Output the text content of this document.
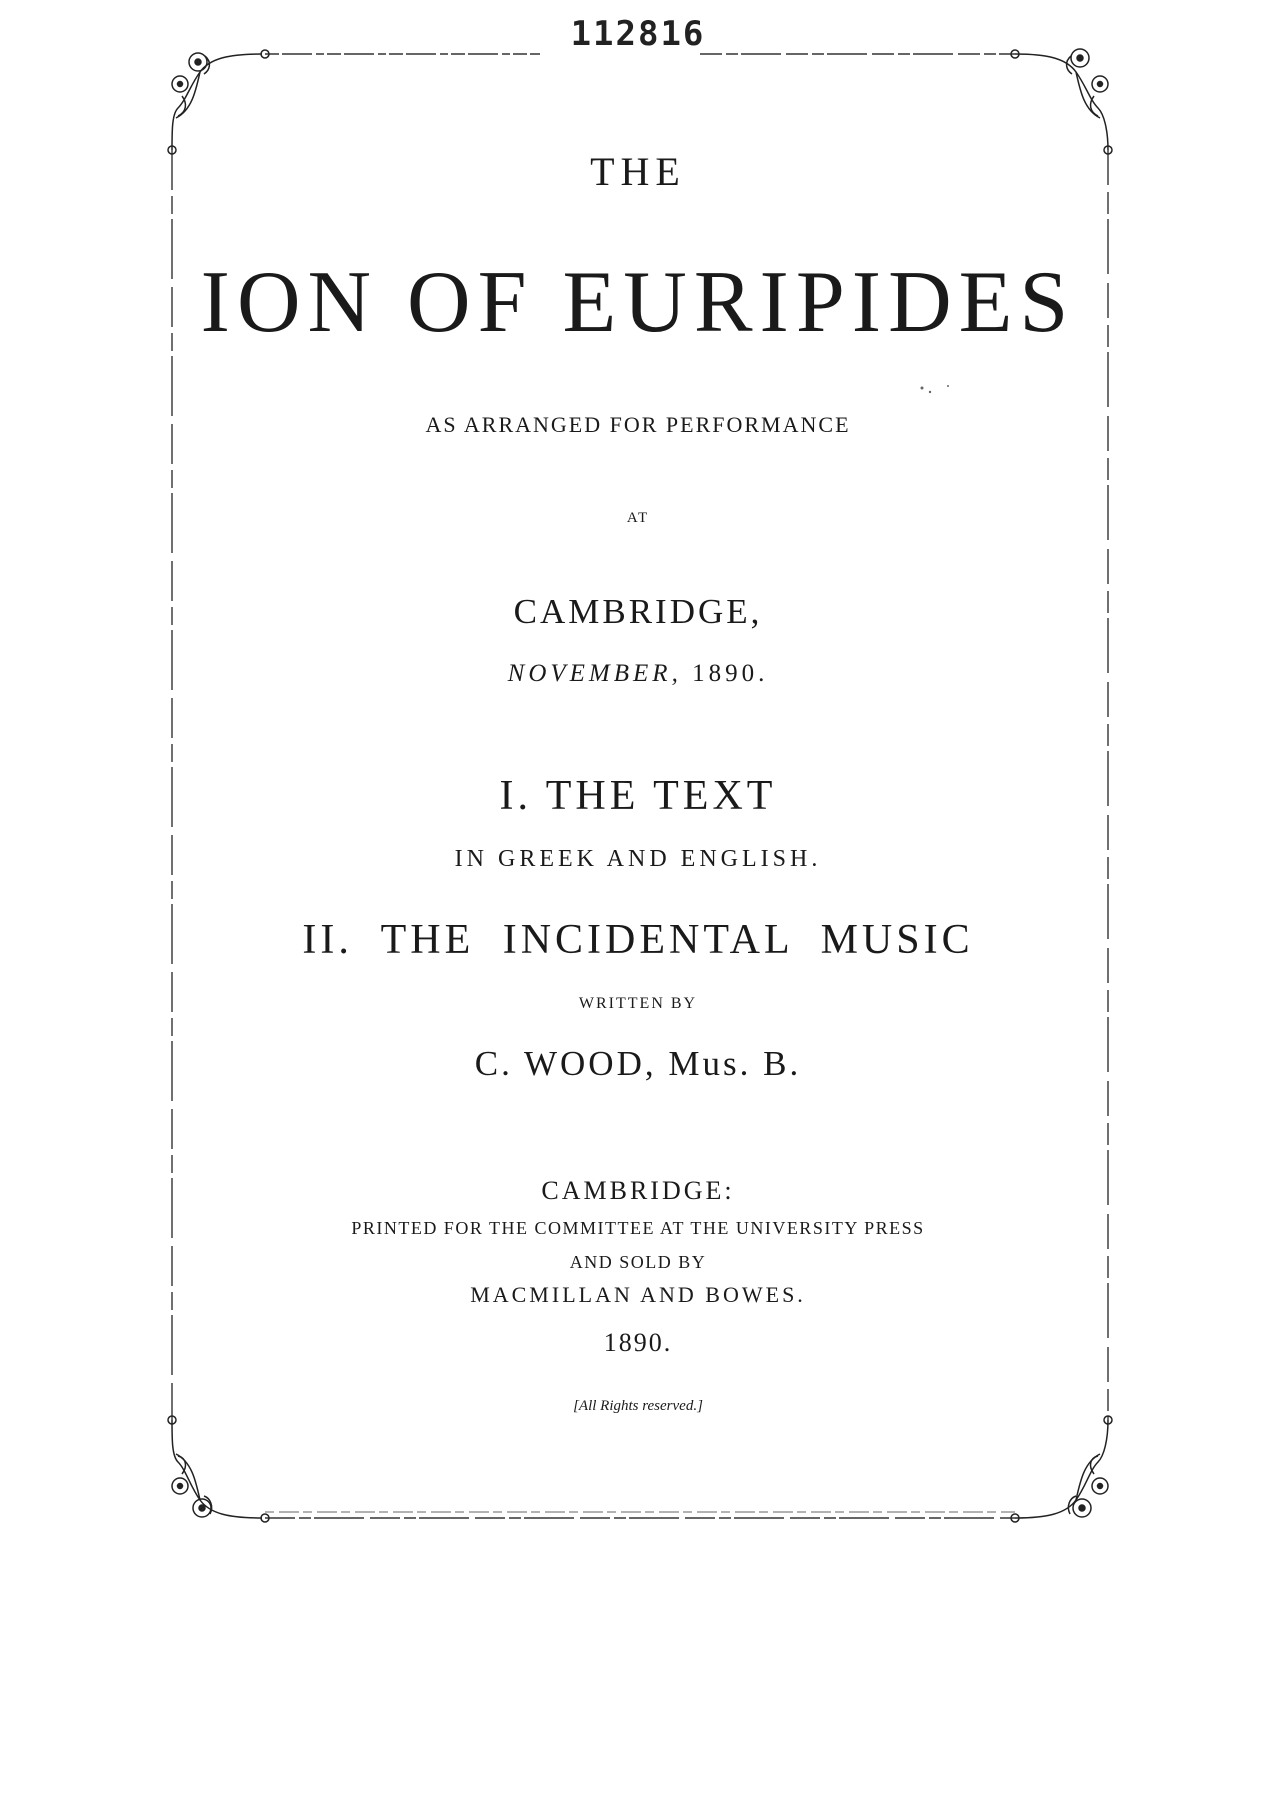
112816
THE
ION OF EURIPIDES
AS ARRANGED FOR PERFORMANCE
AT
CAMBRIDGE,
NOVEMBER, 1890.
I. THE TEXT
IN GREEK AND ENGLISH.
II. THE INCIDENTAL MUSIC
WRITTEN BY
C. WOOD, Mus. B.
CAMBRIDGE:
PRINTED FOR THE COMMITTEE AT THE UNIVERSITY PRESS
AND SOLD BY
MACMILLAN AND BOWES.
1890.
[All Rights reserved.]
